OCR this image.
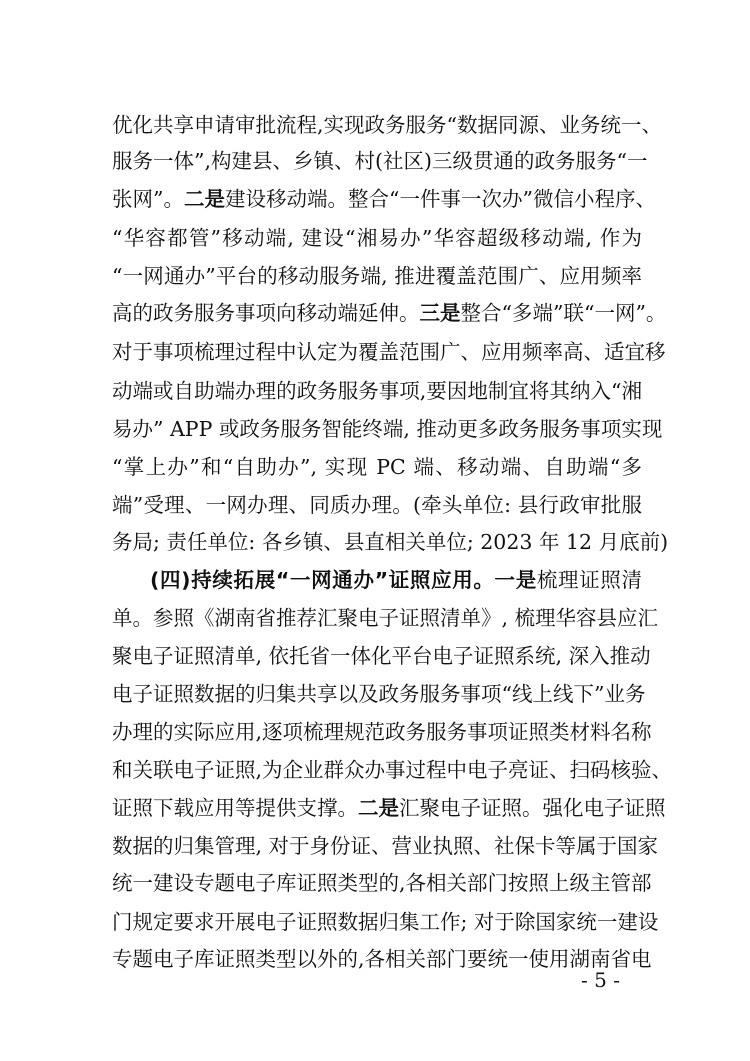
- 5 -
优化共享申请审批流程,实现政务服务“数据同源、业务统一、
服务一体”,构建县、乡镇、村(社区)三级贯通的政务服务“一
张网”。二是建设移动端。整合“一件事一次办”微信小程序、
“华容都管”移动端, 建设“湘易办”华容超级移动端, 作为
“一网通办”平台的移动服务端, 推进覆盖范围广、应用频率
高的政务服务事项向移动端延伸。三是整合“多端”联“一网”。
对于事项梳理过程中认定为覆盖范围广、应用频率高、适宜移
动端或自助端办理的政务服务事项,要因地制宜将其纳入“湘
易办” APP 或政务服务智能终端, 推动更多政务服务事项实现
“掌上办”和“自助办”, 实现 PC 端、移动端、自助端“多
端”受理、一网办理、同质办理。(牵头单位: 县行政审批服
务局; 责任单位: 各乡镇、县直相关单位; 2023 年 12 月底前)
(四)持续拓展“一网通办”证照应用。一是梳理证照清
单。参照《湖南省推荐汇聚电子证照清单》, 梳理华容县应汇
聚电子证照清单, 依托省一体化平台电子证照系统, 深入推动
电子证照数据的归集共享以及政务服务事项“线上线下”业务
办理的实际应用,逐项梳理规范政务服务事项证照类材料名称
和关联电子证照,为企业群众办事过程中电子亮证、扫码核验、
证照下载应用等提供支撑。二是汇聚电子证照。强化电子证照
数据的归集管理, 对于身份证、营业执照、社保卡等属于国家
统一建设专题电子库证照类型的,各相关部门按照上级主管部
门规定要求开展电子证照数据归集工作; 对于除国家统一建设
专题电子库证照类型以外的,各相关部门要统一使用湖南省电
